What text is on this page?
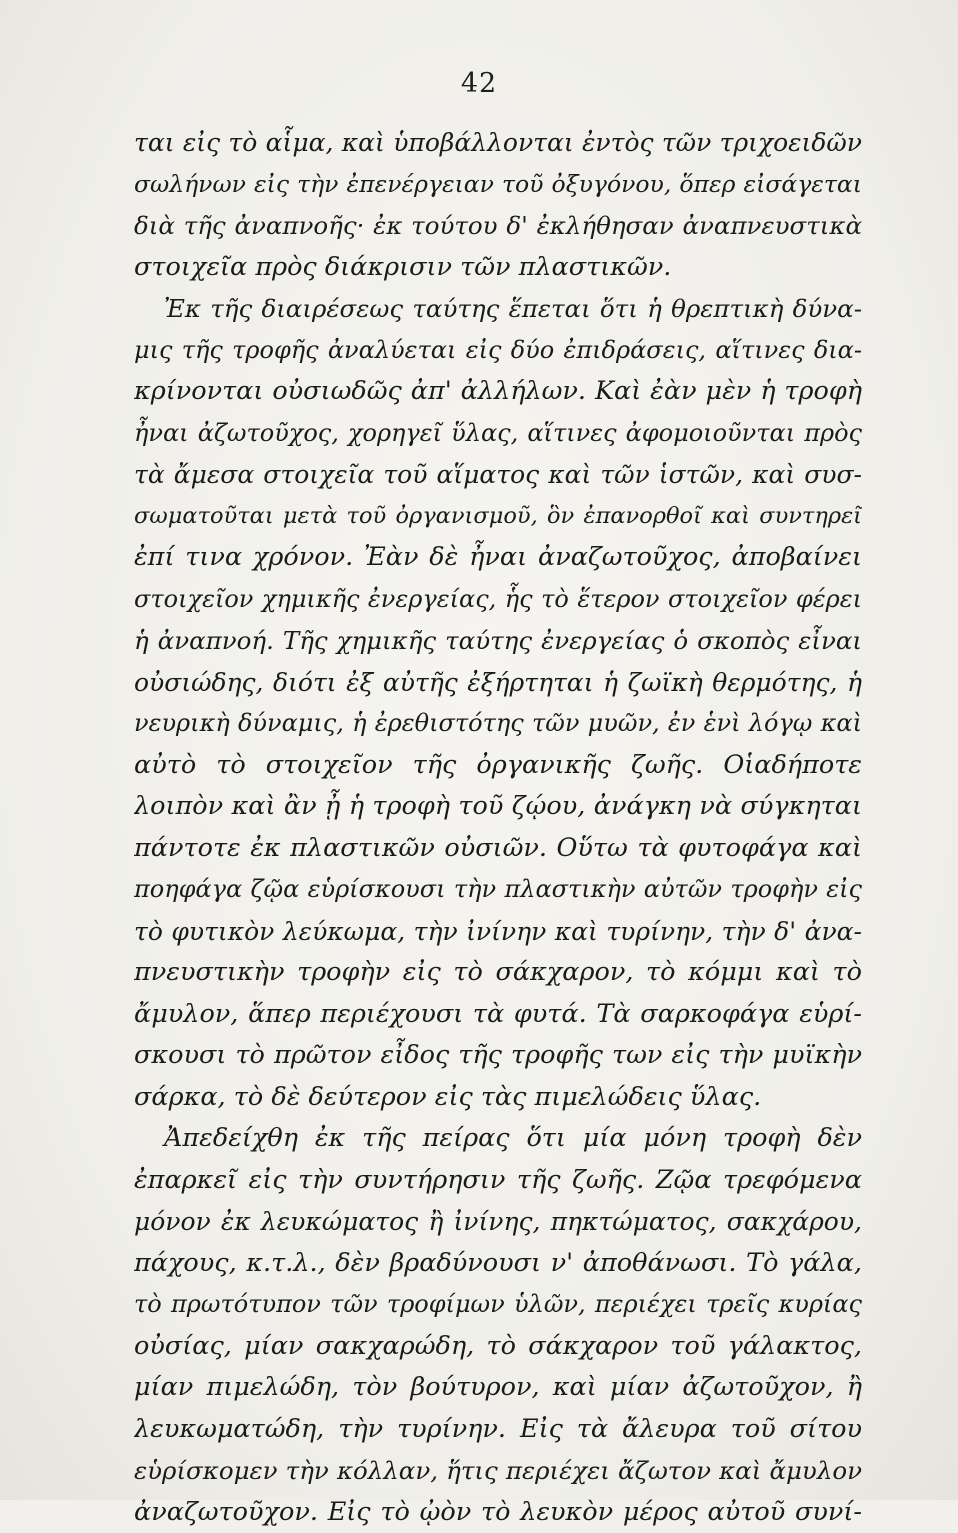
42
ται εἰς τὸ αἷμα, καὶ ὑποβάλλονται ἐντὸς τῶν τριχοειδῶν
σωλήνων εἰς τὴν ἐπενέργειαν τοῦ ὀξυγόνου, ὅπερ εἰσάγεται
διὰ τῆς ἀναπνοῆς· ἐκ τούτου δ' ἐκλήθησαν ἀναπνευστικὰ
στοιχεῖα πρὸς διάκρισιν τῶν πλαστικῶν.
Ἐκ τῆς διαιρέσεως ταύτης ἕπεται ὅτι ἡ θρεπτικὴ δύνα-
μις τῆς τροφῆς ἀναλύεται εἰς δύο ἐπιδράσεις, αἵτινες δια-
κρίνονται οὐσιωδῶς ἀπ' ἀλλήλων. Καὶ ἐὰν μὲν ἡ τροφὴ
ἦναι ἀζωτοῦχος, χορηγεῖ ὕλας, αἵτινες ἀφομοιοῦνται πρὸς
τὰ ἄμεσα στοιχεῖα τοῦ αἵματος καὶ τῶν ἱστῶν, καὶ συσ-
σωματοῦται μετὰ τοῦ ὀργανισμοῦ, ὃν ἐπανορθοῖ καὶ συντηρεῖ
ἐπί τινα χρόνον. Ἐὰν δὲ ἦναι ἀναζωτοῦχος, ἀποβαίνει
στοιχεῖον χημικῆς ἐνεργείας, ἧς τὸ ἕτερον στοιχεῖον φέρει
ἡ ἀναπνοή. Τῆς χημικῆς ταύτης ἐνεργείας ὁ σκοπὸς εἶναι
οὐσιώδης, διότι ἐξ αὐτῆς ἐξήρτηται ἡ ζωϊκὴ θερμότης, ἡ
νευρικὴ δύναμις, ἡ ἐρεθιστότης τῶν μυῶν, ἐν ἑνὶ λόγῳ καὶ
αὐτὸ τὸ στοιχεῖον τῆς ὀργανικῆς ζωῆς. Οἱαδήποτε
λοιπὸν καὶ ἂν ᾖ ἡ τροφὴ τοῦ ζῴου, ἀνάγκη νὰ σύγκηται
πάντοτε ἐκ πλαστικῶν οὐσιῶν. Οὕτω τὰ φυτοφάγα καὶ
ποηφάγα ζῷα εὑρίσκουσι τὴν πλαστικὴν αὐτῶν τροφὴν εἰς
τὸ φυτικὸν λεύκωμα, τὴν ἰνίνην καὶ τυρίνην, τὴν δ' ἀνα-
πνευστικὴν τροφὴν εἰς τὸ σάκχαρον, τὸ κόμμι καὶ τὸ
ἄμυλον, ἅπερ περιέχουσι τὰ φυτά. Τὰ σαρκοφάγα εὑρί-
σκουσι τὸ πρῶτον εἶδος τῆς τροφῆς των εἰς τὴν μυϊκὴν
σάρκα, τὸ δὲ δεύτερον εἰς τὰς πιμελώδεις ὕλας.
Ἀπεδείχθη ἐκ τῆς πείρας ὅτι μία μόνη τροφὴ δὲν
ἐπαρκεῖ εἰς τὴν συντήρησιν τῆς ζωῆς. Ζῷα τρεφόμενα
μόνον ἐκ λευκώματος ἢ ἰνίνης, πηκτώματος, σακχάρου,
πάχους, κ.τ.λ., δὲν βραδύνουσι ν' ἀποθάνωσι. Τὸ γάλα,
τὸ πρωτότυπον τῶν τροφίμων ὑλῶν, περιέχει τρεῖς κυρίας
οὐσίας, μίαν σακχαρώδη, τὸ σάκχαρον τοῦ γάλακτος,
μίαν πιμελώδη, τὸν βούτυρον, καὶ μίαν ἀζωτοῦχον, ἢ
λευκωματώδη, τὴν τυρίνην. Εἰς τὰ ἄλευρα τοῦ σίτου
εὑρίσκομεν τὴν κόλλαν, ἥτις περιέχει ἄζωτον καὶ ἄμυλον
ἀναζωτοῦχον. Εἰς τὸ ᾠὸν τὸ λευκὸν μέρος αὐτοῦ συνί-
